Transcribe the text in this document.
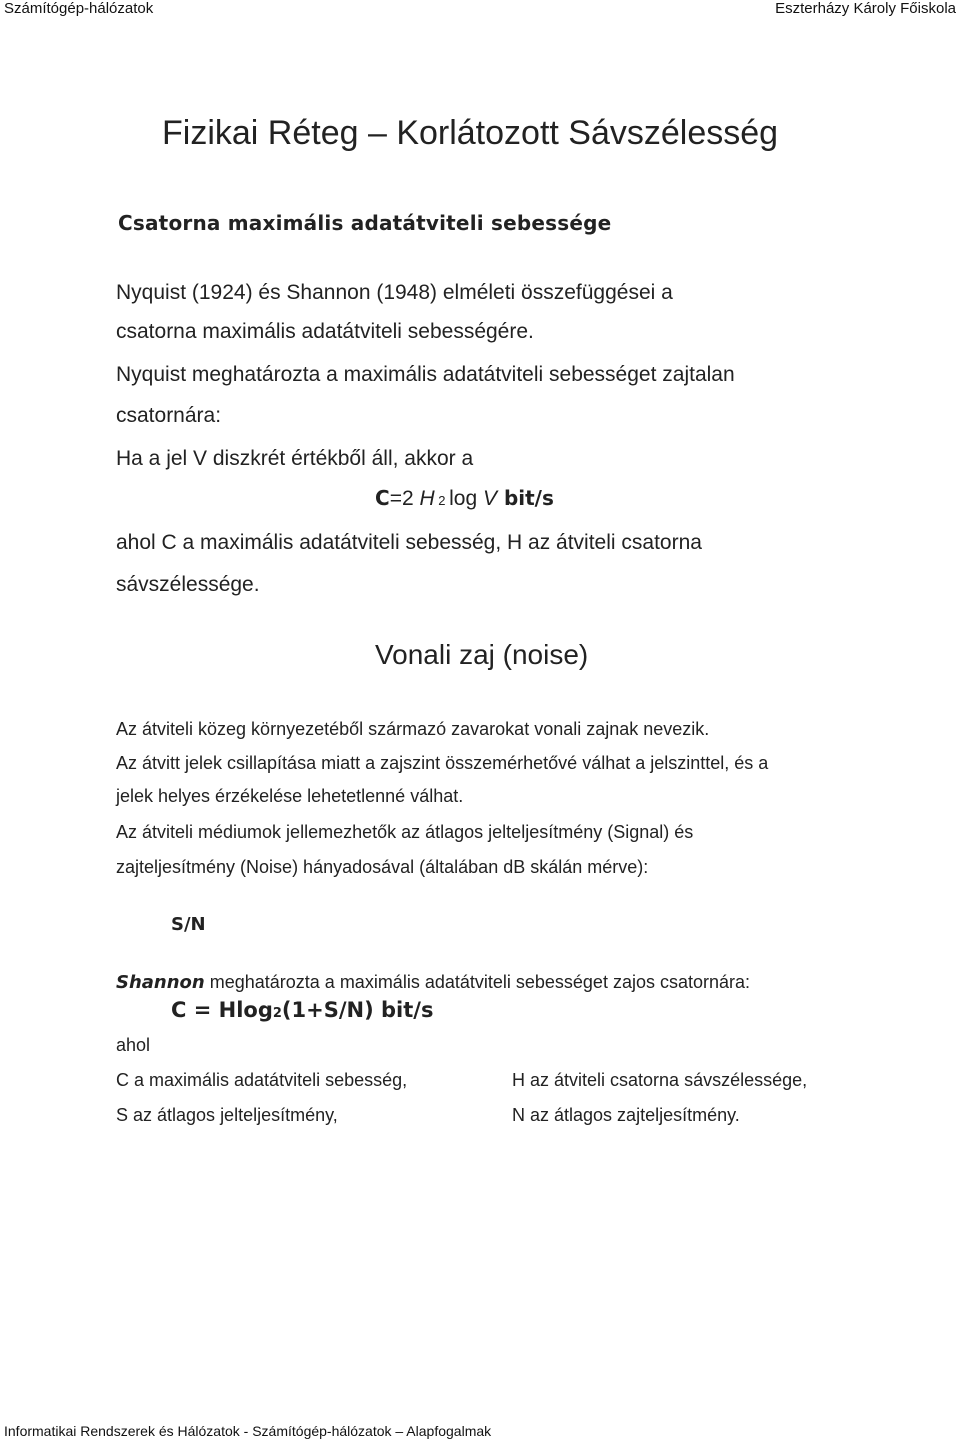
Számítógép-hálózatok	Eszterházy Károly Főiskola
Fizikai Réteg – Korlátozott Sávszélesség
Csatorna maximális adatátviteli sebessége
Nyquist (1924) és Shannon (1948) elméleti összefüggései a
csatorna maximális adatátviteli sebességére.
Nyquist meghatározta a maximális adatátviteli sebességet zajtalan
csatornára:
Ha a jel V diszkrét értékből áll, akkor a
C=2 H 2 log V bit/s
ahol C a maximális adatátviteli sebesség, H az átviteli csatorna
sávszélessége.
Vonali zaj (noise)
Az átviteli közeg környezetéből származó zavarokat vonali zajnak nevezik.
Az átvitt jelek csillapítása miatt a zajszint összemérhetővé válhat a jelszinttel, és a
jelek helyes érzékelése lehetetlenné válhat.
Az átviteli médiumok jellemezhetők az átlagos jelteljesítmény (Signal) és
zajteljesítmény (Noise) hányadosával (általában dB skálán mérve):
S/N
Shannon meghatározta a maximális adatátviteli sebességet zajos csatornára:
C = Hlog2(1+S/N) bit/s
ahol
C a maximális adatátviteli sebesség,	H az átviteli csatorna sávszélessége,
S az átlagos jelteljesítmény,	N az átlagos zajteljesítmény.
Informatikai Rendszerek és Hálózatok - Számítógép-hálózatok – Alapfogalmak
